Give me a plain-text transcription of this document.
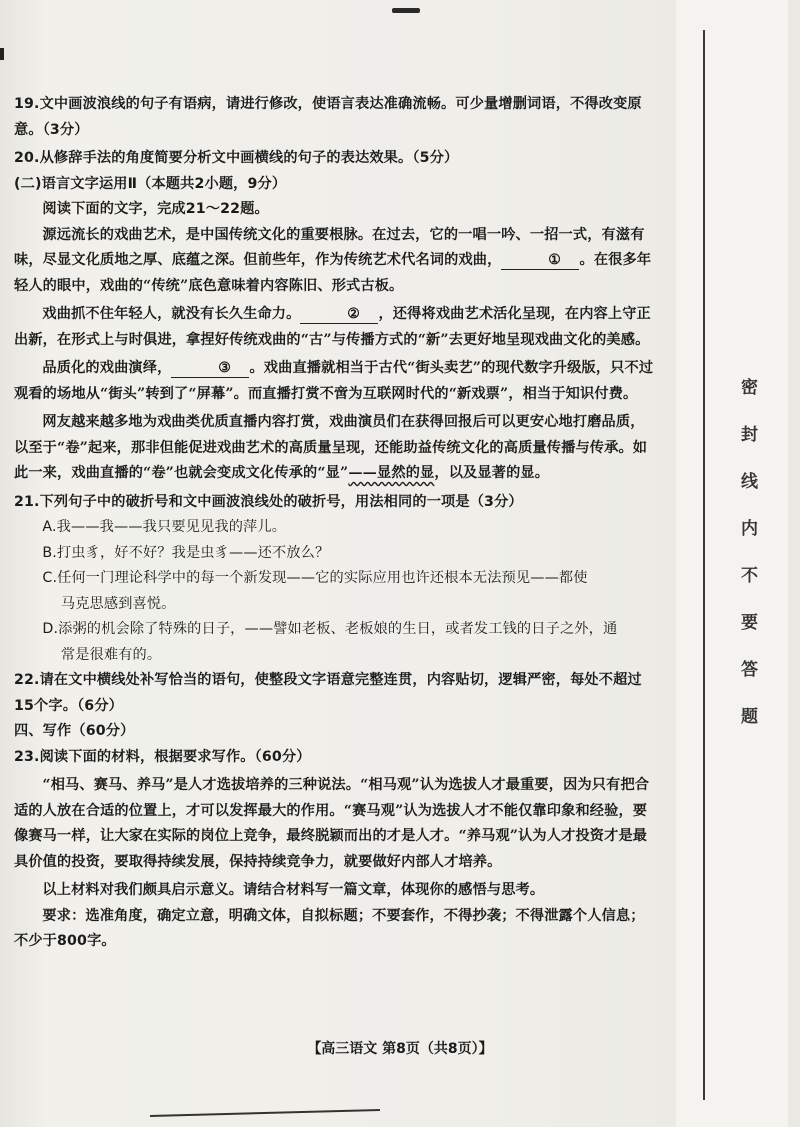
19.文中画波浪线的句子有语病，请进行修改，使语言表达准确流畅。可少量增删词语，不得改变原意。（3分）

20.从修辞手法的角度简要分析文中画横线的句子的表达效果。（5分）

(二)语言文字运用Ⅱ（本题共2小题，9分）

阅读下面的文字，完成21～22题。

源远流长的戏曲艺术，是中国传统文化的重要根脉。在过去，它的一唱一吟、一招一式，有滋有味，尽显文化质地之厚、底蕴之深。但前些年，作为传统艺术代名词的戏曲，	① 。在很多年轻人的眼中，戏曲的“传统”底色意味着内容陈旧、形式古板。

戏曲抓不住年轻人，就没有长久生命力。	② ，还得将戏曲艺术活化呈现，在内容上守正出新，在形式上与时俱进，拿捏好传统戏曲的“古”与传播方式的“新”去更好地呈现戏曲文化的美感。

品质化的戏曲演绎，	③ 。戏曲直播就相当于古代“街头卖艺”的现代数字升级版，只不过观看的场地从“街头”转到了“屏幕”。而直播打赏不啻为互联网时代的“新戏票”，相当于知识付费。

网友越来越多地为戏曲类优质直播内容打赏，戏曲演员们在获得回报后可以更安心地打磨品质，以至于“卷”起来，那非但能促进戏曲艺术的高质量呈现，还能助益传统文化的高质量传播与传承。如此一来，戏曲直播的“卷”也就会变成文化传承的“显”——显然的显，以及显著的显。

21.下列句子中的破折号和文中画波浪线处的破折号，用法相同的一项是（3分）

A.我——我——我只要见见我的萍儿。

B.打虫豸，好不好？我是虫豸——还不放么？

C.任何一门理论科学中的每一个新发现——它的实际应用也许还根本无法预见——都使

马克思感到喜悦。

D.添粥的机会除了特殊的日子，——譬如老板、老板娘的生日，或者发工钱的日子之外，通

常是很难有的。

22.请在文中横线处补写恰当的语句，使整段文字语意完整连贯，内容贴切，逻辑严密，每处不超过15个字。（6分）

四、写作（60分）

23.阅读下面的材料，根据要求写作。（60分）

“相马、赛马、养马”是人才选拔培养的三种说法。“相马观”认为选拔人才最重要，因为只有把合适的人放在合适的位置上，才可以发挥最大的作用。“赛马观”认为选拔人才不能仅靠印象和经验，要像赛马一样，让大家在实际的岗位上竞争，最终脱颖而出的才是人才。“养马观”认为人才投资才是最具价值的投资，要取得持续发展，保持持续竞争力，就要做好内部人才培养。

以上材料对我们颇具启示意义。请结合材料写一篇文章，体现你的感悟与思考。

要求：选准角度，确定立意，明确文体，自拟标题；不要套作，不得抄袭；不得泄露个人信息；不少于800字。

密封线内不要答题
【高三语文 第8页（共8页）】
